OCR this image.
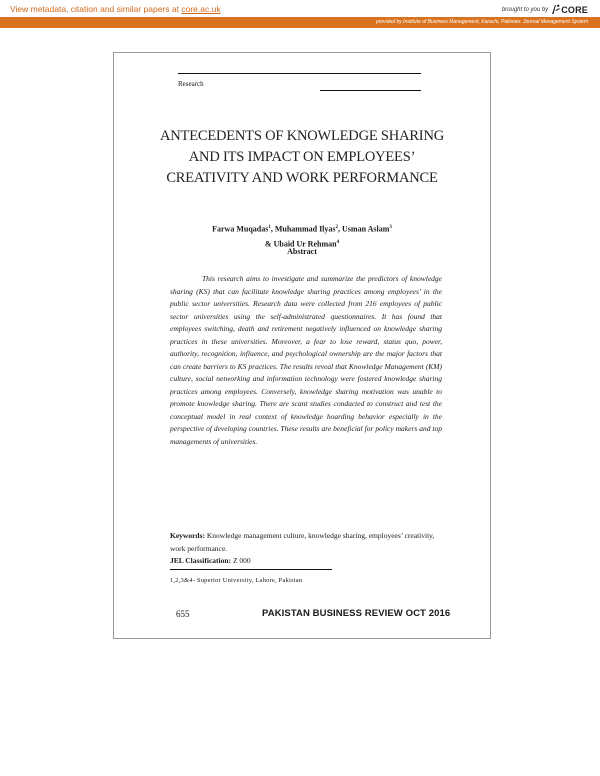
View metadata, citation and similar papers at core.ac.uk	brought to you by CORE
provided by Institute of Business Management, Karachi, Pakistan: Journal Management System
Research
ANTECEDENTS OF KNOWLEDGE SHARING AND ITS IMPACT ON EMPLOYEES’ CREATIVITY AND WORK PERFORMANCE
Farwa Muqadas$^1$, Muhammad Ilyas$^2$, Usman Aslam$^3$
& Ubaid Ur Rehman$^4$
Abstract

This research aims to investigate and summarize the predictors of knowledge sharing (KS) that can facilitate knowledge sharing practices among employees’ in the public sector universities. Research data were collected from 216 employees of public sector universities using the self-administrated questionnaires. It has found that employees switching, death and retirement negatively influenced on knowledge sharing practices in these universities. Moreover, a fear to lose reward, status quo, power, authority, recognition, influence, and psychological ownership are the major factors that can create barriers to KS practices. The results reveal that Knowledge Management (KM) culture, social networking and information technology were fostered knowledge sharing practices among employees. Conversely, knowledge sharing motivation was unable to promote knowledge sharing. There are scant studies conducted to construct and test the conceptual model in real context of knowledge hoarding behavior especially in the perspective of developing countries. These results are beneficial for policy makers and top managements of universities.

Keywords: Knowledge management culture, knowledge sharing, employees’ creativity, work performance.
JEL Classification: Z 000
1,2,3&4- Superior University, Lahore, Pakistan
655	PAKISTAN BUSINESS REVIEW OCT 2016
